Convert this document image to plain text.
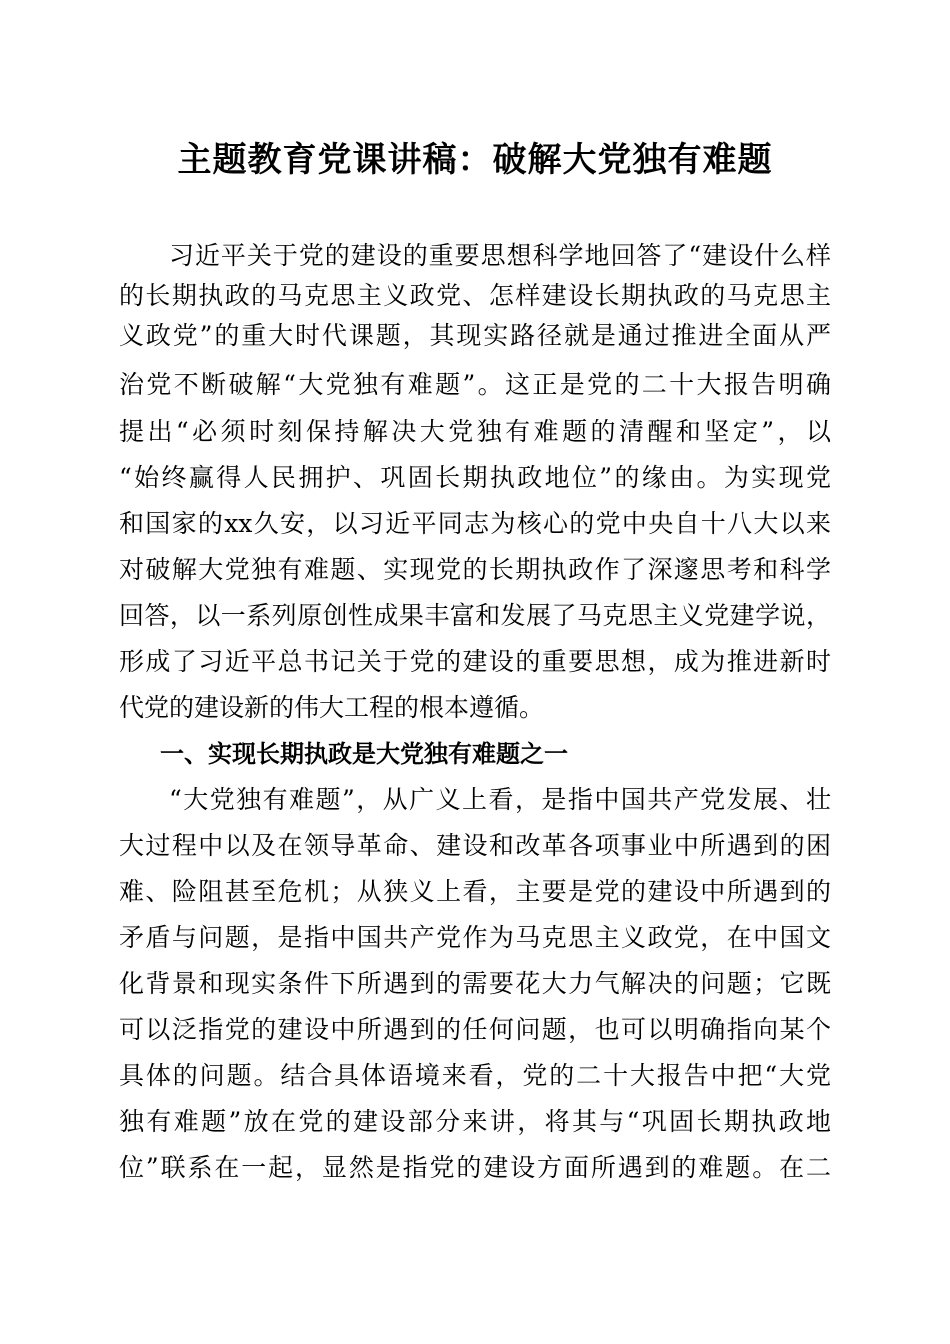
主题教育党课讲稿：破解大党独有难题
习近平关于党的建设的重要思想科学地回答了“建设什么样
的长期执政的马克思主义政党、怎样建设长期执政的马克思主
义政党”的重大时代课题，其现实路径就是通过推进全面从严
治党不断破解“大党独有难题”。这正是党的二十大报告明确
提出“必须时刻保持解决大党独有难题的清醒和坚定”，以
“始终赢得人民拥护、巩固长期执政地位”的缘由。为实现党
和国家的xx久安，以习近平同志为核心的党中央自十八大以来
对破解大党独有难题、实现党的长期执政作了深邃思考和科学
回答，以一系列原创性成果丰富和发展了马克思主义党建学说，
形成了习近平总书记关于党的建设的重要思想，成为推进新时
代党的建设新的伟大工程的根本遵循。
一、实现长期执政是大党独有难题之一
“大党独有难题”，从广义上看，是指中国共产党发展、壮
大过程中以及在领导革命、建设和改革各项事业中所遇到的困
难、险阻甚至危机；从狭义上看，主要是党的建设中所遇到的
矛盾与问题，是指中国共产党作为马克思主义政党，在中国文
化背景和现实条件下所遇到的需要花大力气解决的问题；它既
可以泛指党的建设中所遇到的任何问题，也可以明确指向某个
具体的问题。结合具体语境来看，党的二十大报告中把“大党
独有难题”放在党的建设部分来讲，将其与“巩固长期执政地
位”联系在一起，显然是指党的建设方面所遇到的难题。在二
